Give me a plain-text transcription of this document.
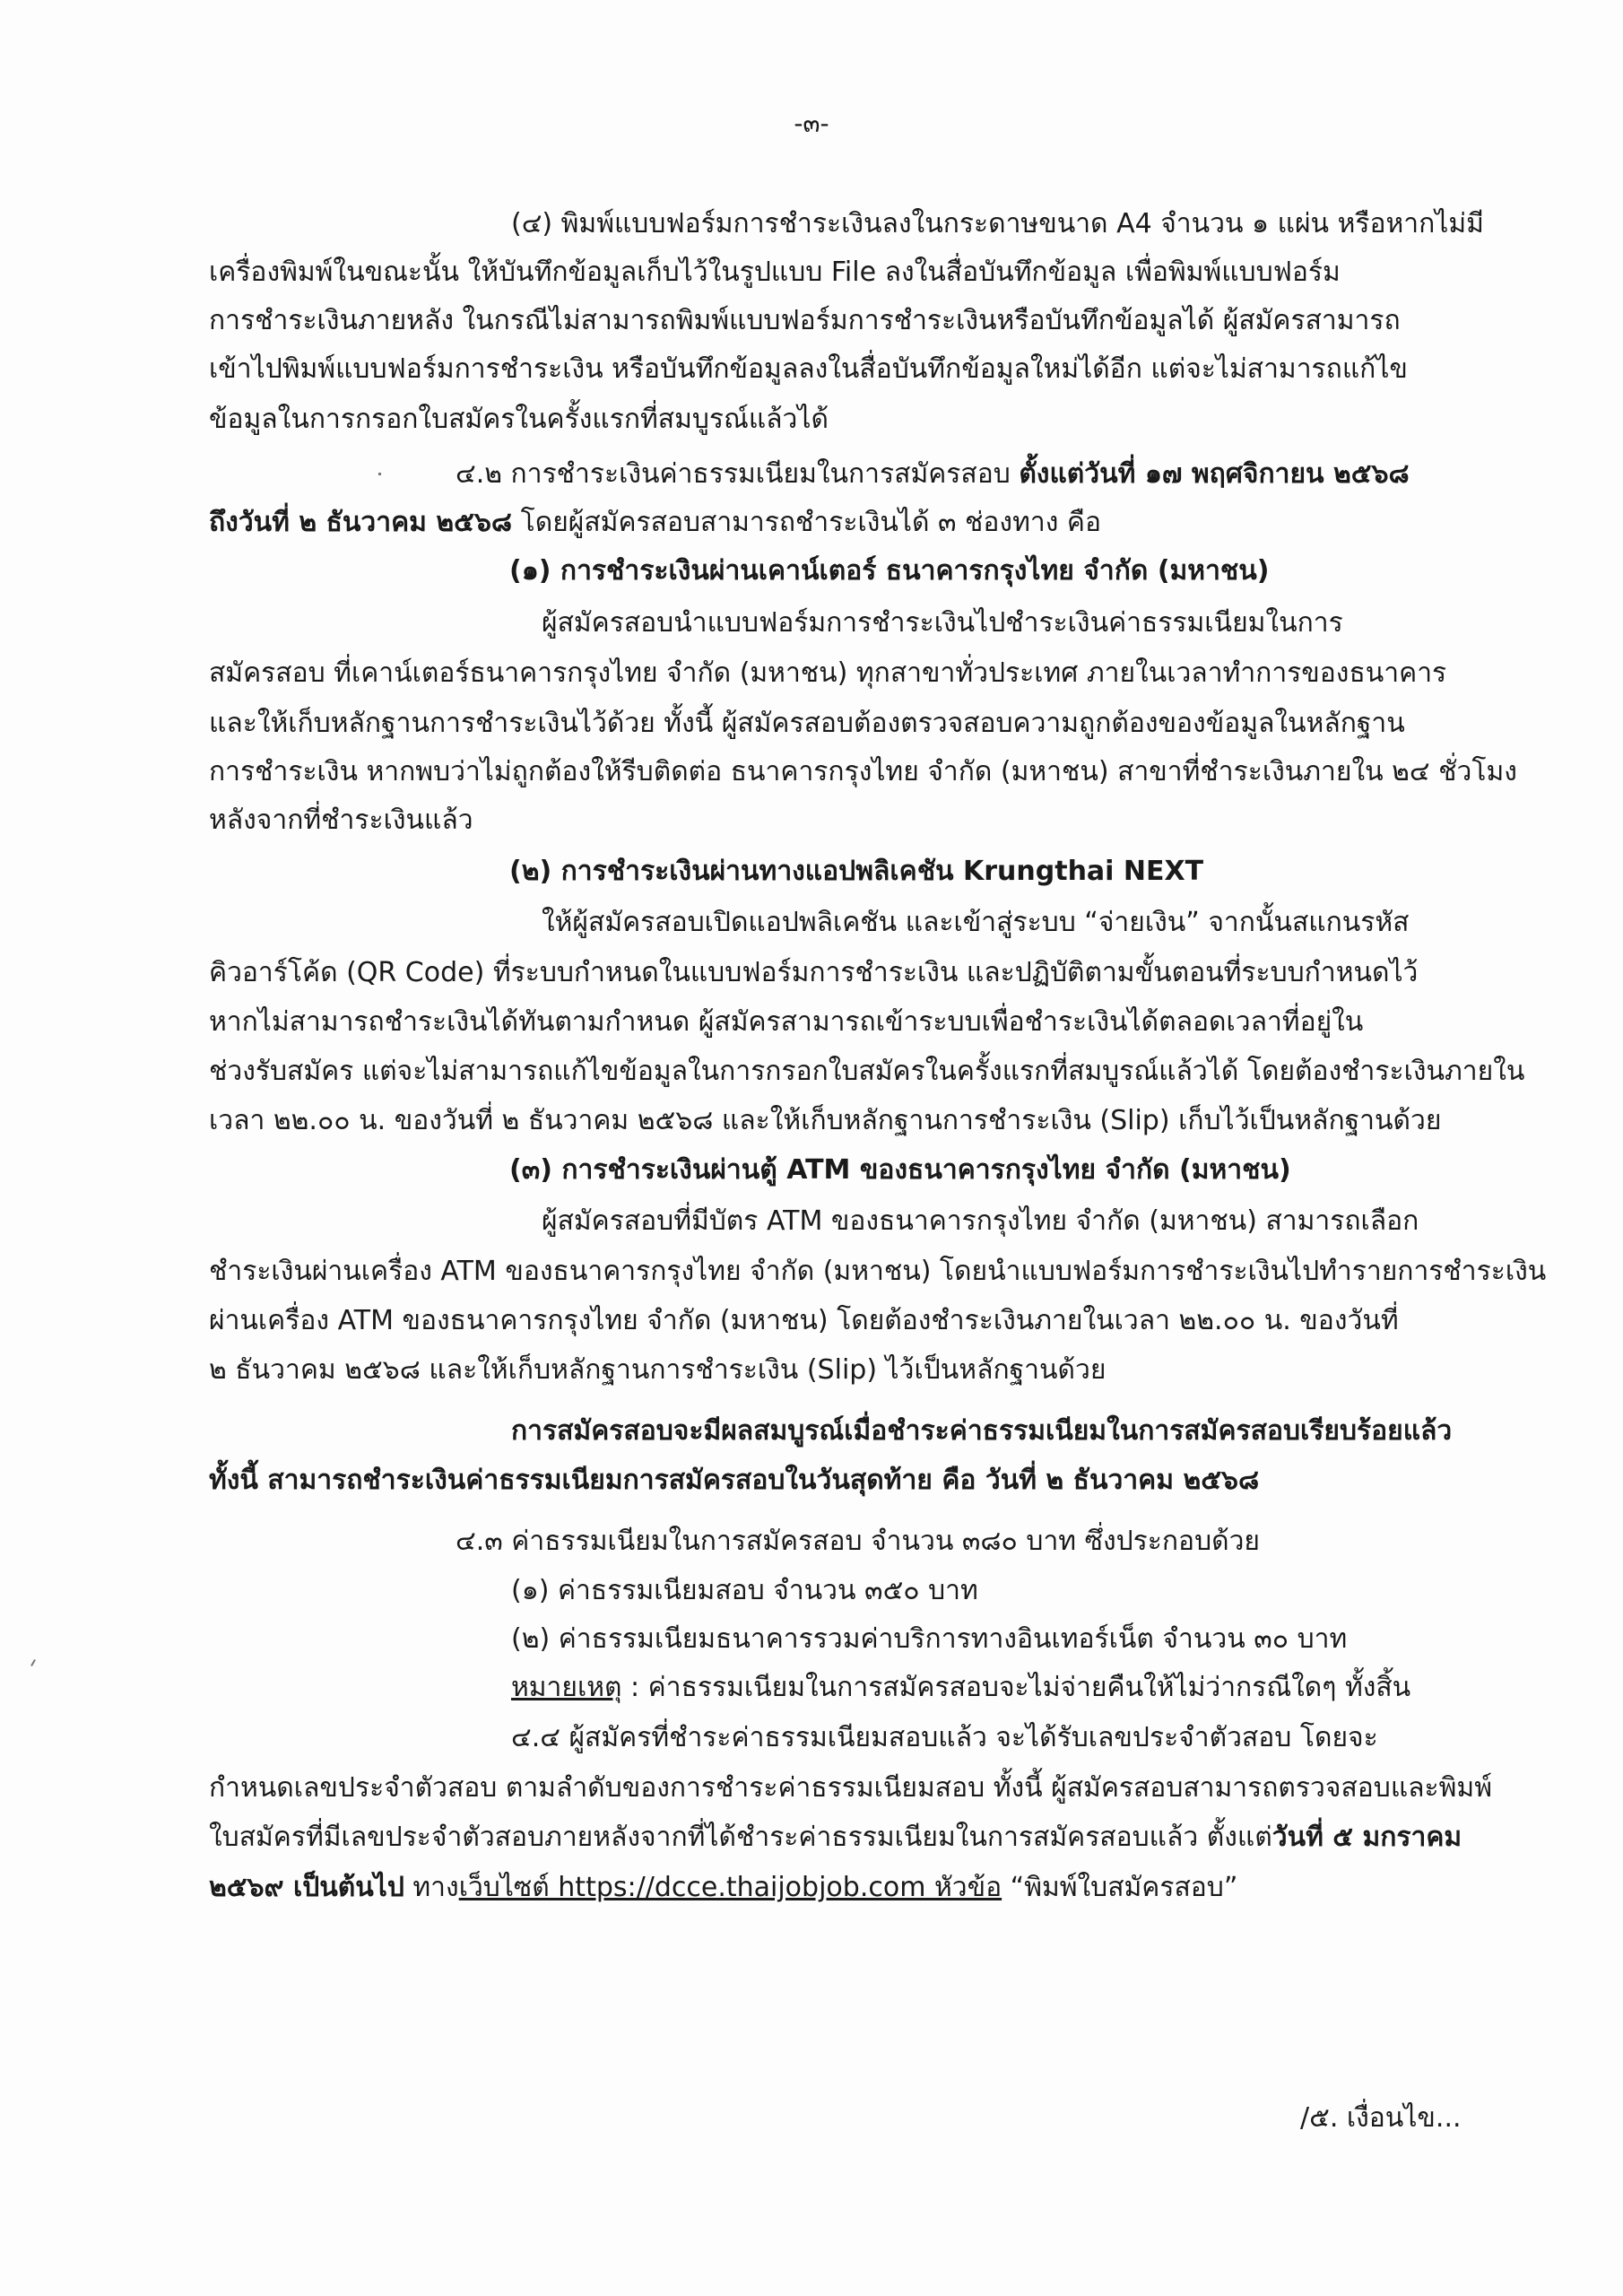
-๓-
(๔) พิมพ์แบบฟอร์มการชำระเงินลงในกระดาษขนาด A4 จำนวน ๑ แผ่น หรือหากไม่มี
เครื่องพิมพ์ในขณะนั้น ให้บันทึกข้อมูลเก็บไว้ในรูปแบบ File ลงในสื่อบันทึกข้อมูล เพื่อพิมพ์แบบฟอร์ม
การชำระเงินภายหลัง ในกรณีไม่สามารถพิมพ์แบบฟอร์มการชำระเงินหรือบันทึกข้อมูลได้ ผู้สมัครสามารถ
เข้าไปพิมพ์แบบฟอร์มการชำระเงิน หรือบันทึกข้อมูลลงในสื่อบันทึกข้อมูลใหม่ได้อีก แต่จะไม่สามารถแก้ไข
ข้อมูลในการกรอกใบสมัครในครั้งแรกที่สมบูรณ์แล้วได้
๔.๒ การชำระเงินค่าธรรมเนียมในการสมัครสอบ ตั้งแต่วันที่ ๑๗ พฤศจิกายน ๒๕๖๘
ถึงวันที่ ๒ ธันวาคม ๒๕๖๘ โดยผู้สมัครสอบสามารถชำระเงินได้ ๓ ช่องทาง คือ
(๑) การชำระเงินผ่านเคาน์เตอร์ ธนาคารกรุงไทย จำกัด (มหาชน)
ผู้สมัครสอบนำแบบฟอร์มการชำระเงินไปชำระเงินค่าธรรมเนียมในการ
สมัครสอบ ที่เคาน์เตอร์ธนาคารกรุงไทย จำกัด (มหาชน) ทุกสาขาทั่วประเทศ ภายในเวลาทำการของธนาคาร
และให้เก็บหลักฐานการชำระเงินไว้ด้วย ทั้งนี้ ผู้สมัครสอบต้องตรวจสอบความถูกต้องของข้อมูลในหลักฐาน
การชำระเงิน หากพบว่าไม่ถูกต้องให้รีบติดต่อ ธนาคารกรุงไทย จำกัด (มหาชน) สาขาที่ชำระเงินภายใน ๒๔ ชั่วโมง
หลังจากที่ชำระเงินแล้ว
(๒) การชำระเงินผ่านทางแอปพลิเคชัน Krungthai NEXT
ให้ผู้สมัครสอบเปิดแอปพลิเคชัน และเข้าสู่ระบบ “จ่ายเงิน” จากนั้นสแกนรหัส
คิวอาร์โค้ด (QR Code) ที่ระบบกำหนดในแบบฟอร์มการชำระเงิน และปฏิบัติตามขั้นตอนที่ระบบกำหนดไว้
หากไม่สามารถชำระเงินได้ทันตามกำหนด ผู้สมัครสามารถเข้าระบบเพื่อชำระเงินได้ตลอดเวลาที่อยู่ใน
ช่วงรับสมัคร แต่จะไม่สามารถแก้ไขข้อมูลในการกรอกใบสมัครในครั้งแรกที่สมบูรณ์แล้วได้ โดยต้องชำระเงินภายใน
เวลา ๒๒.๐๐ น. ของวันที่ ๒ ธันวาคม ๒๕๖๘ และให้เก็บหลักฐานการชำระเงิน (Slip) เก็บไว้เป็นหลักฐานด้วย
(๓) การชำระเงินผ่านตู้ ATM ของธนาคารกรุงไทย จำกัด (มหาชน)
ผู้สมัครสอบที่มีบัตร ATM ของธนาคารกรุงไทย จำกัด (มหาชน) สามารถเลือก
ชำระเงินผ่านเครื่อง ATM ของธนาคารกรุงไทย จำกัด (มหาชน) โดยนำแบบฟอร์มการชำระเงินไปทำรายการชำระเงิน
ผ่านเครื่อง ATM ของธนาคารกรุงไทย จำกัด (มหาชน) โดยต้องชำระเงินภายในเวลา ๒๒.๐๐ น. ของวันที่
๒ ธันวาคม ๒๕๖๘ และให้เก็บหลักฐานการชำระเงิน (Slip) ไว้เป็นหลักฐานด้วย
การสมัครสอบจะมีผลสมบูรณ์เมื่อชำระค่าธรรมเนียมในการสมัครสอบเรียบร้อยแล้ว
ทั้งนี้ สามารถชำระเงินค่าธรรมเนียมการสมัครสอบในวันสุดท้าย คือ วันที่ ๒ ธันวาคม ๒๕๖๘
๔.๓ ค่าธรรมเนียมในการสมัครสอบ จำนวน ๓๘๐ บาท ซึ่งประกอบด้วย
(๑) ค่าธรรมเนียมสอบ จำนวน ๓๕๐ บาท
(๒) ค่าธรรมเนียมธนาคารรวมค่าบริการทางอินเทอร์เน็ต จำนวน ๓๐ บาท
หมายเหตุ : ค่าธรรมเนียมในการสมัครสอบจะไม่จ่ายคืนให้ไม่ว่ากรณีใดๆ ทั้งสิ้น
๔.๔ ผู้สมัครที่ชำระค่าธรรมเนียมสอบแล้ว จะได้รับเลขประจำตัวสอบ โดยจะ
กำหนดเลขประจำตัวสอบ ตามลำดับของการชำระค่าธรรมเนียมสอบ ทั้งนี้ ผู้สมัครสอบสามารถตรวจสอบและพิมพ์
ใบสมัครที่มีเลขประจำตัวสอบภายหลังจากที่ได้ชำระค่าธรรมเนียมในการสมัครสอบแล้ว ตั้งแต่วันที่ ๕ มกราคม
๒๕๖๙ เป็นต้นไป ทางเว็บไซต์ https://dcce.thaijobjob.com หัวข้อ “พิมพ์ใบสมัครสอบ”
/๕. เงื่อนไข...
